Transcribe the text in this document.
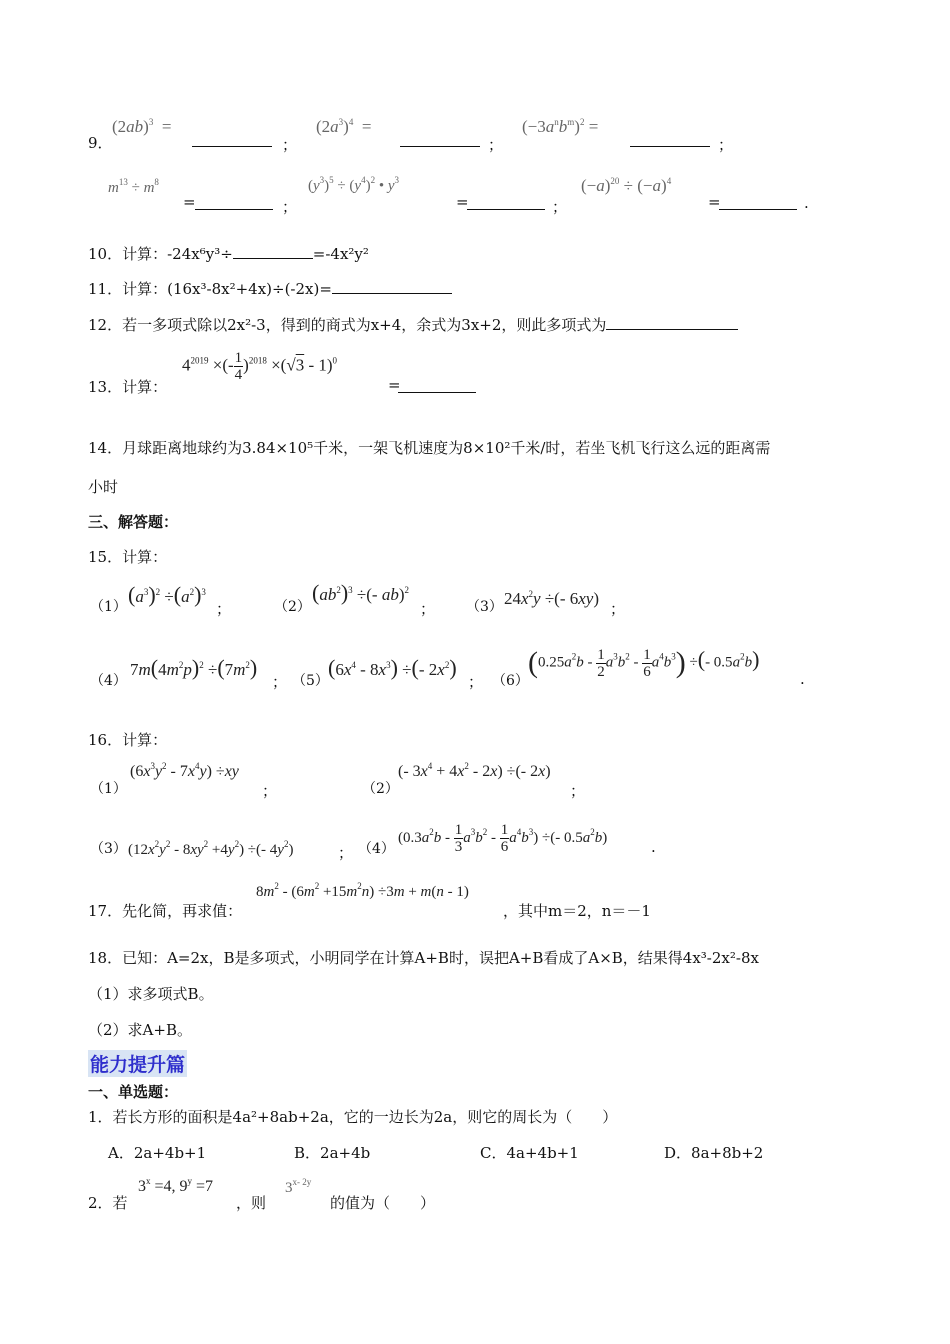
9．
$(2ab)^3$  =
；
$(2a^3)^4$  =
；
$(-3a^nb^m)^2$ =
；
$m^{13} \div m^8$
=	；
$(y^3)^5 \div (y^4)^2$ • $y^3$
=	；
$(-a)^{20} \div (-a)^4$
=	.
10．计算：-24x⁶y³÷	=-4x²y²
11．计算：(16x³-8x²+4x)÷(-2x)=
12．若一多项式除以2x²-3，得到的商式为x+4，余式为3x+2，则此多项式为
13．计算：
$4^{2019}$ ×(- $\frac{1}{4} )^{2018} \times(√3 - 1)^0$
=
14．月球距离地球约为3.84×10⁵千米，一架飞机速度为8×10²千米/时，若坐飞机飞行这么远的距离需
小时
三、解答题：
15．计算：
（1） $(a^3)^2 \div(a^2)^3$
；	（2）
$(ab^2)^3$ ÷(- ab)$^2$
； （3） $24x^2y$ ÷(- 6xy)
；
（4）
$7m(4m^2p)^2 \div(7m^2)$
； （5）
$(6x^4 - 8x^3)$ ÷(- $2x^2$)
； （6）
$(0.25a^2b - \frac{1}{2} a^3b^2 - \frac{1}{6} a^4b^3)$ ÷(- $0.5a^2b$)
.
16．计算：
（1）
$(6x^3y^2 - 7x^4y) \div xy$
；	（2）
(- $3x^4 + 4x^2 - 2x$) ÷(- 2x)
；
（3） $(12x^2y^2 - 8xy^2 +4y^2)$ ÷(- $4y^2$)	； （4）
$(0.3a^2b - \frac{1}{3} a^3b^2 - \frac{1}{6} a^4b^3)$ ÷(- $0.5a^2b$)
.
17．先化简，再求值：
$8m^2 - (6m^2 +15m^2n) \div 3m + m(n - 1)$
，其中m＝2，n＝－1
18．已知：A=2x，B是多项式，小明同学在计算A+B时，误把A+B看成了A×B，结果得4x³-2x²-8x
（1）求多项式B。
（2）求A+B。
能力提升篇
一、单选题：
1．若长方形的面积是4a²+8ab+2a，它的一边长为2a，则它的周长为（　　）
A．2a+4b+1	B．2a+4b	C．4a+4b+1	D．8a+8b+2
2．若
$3^x =4$, $9^y =7$
，则
$3^{x- 2y}$
的值为（　　）
